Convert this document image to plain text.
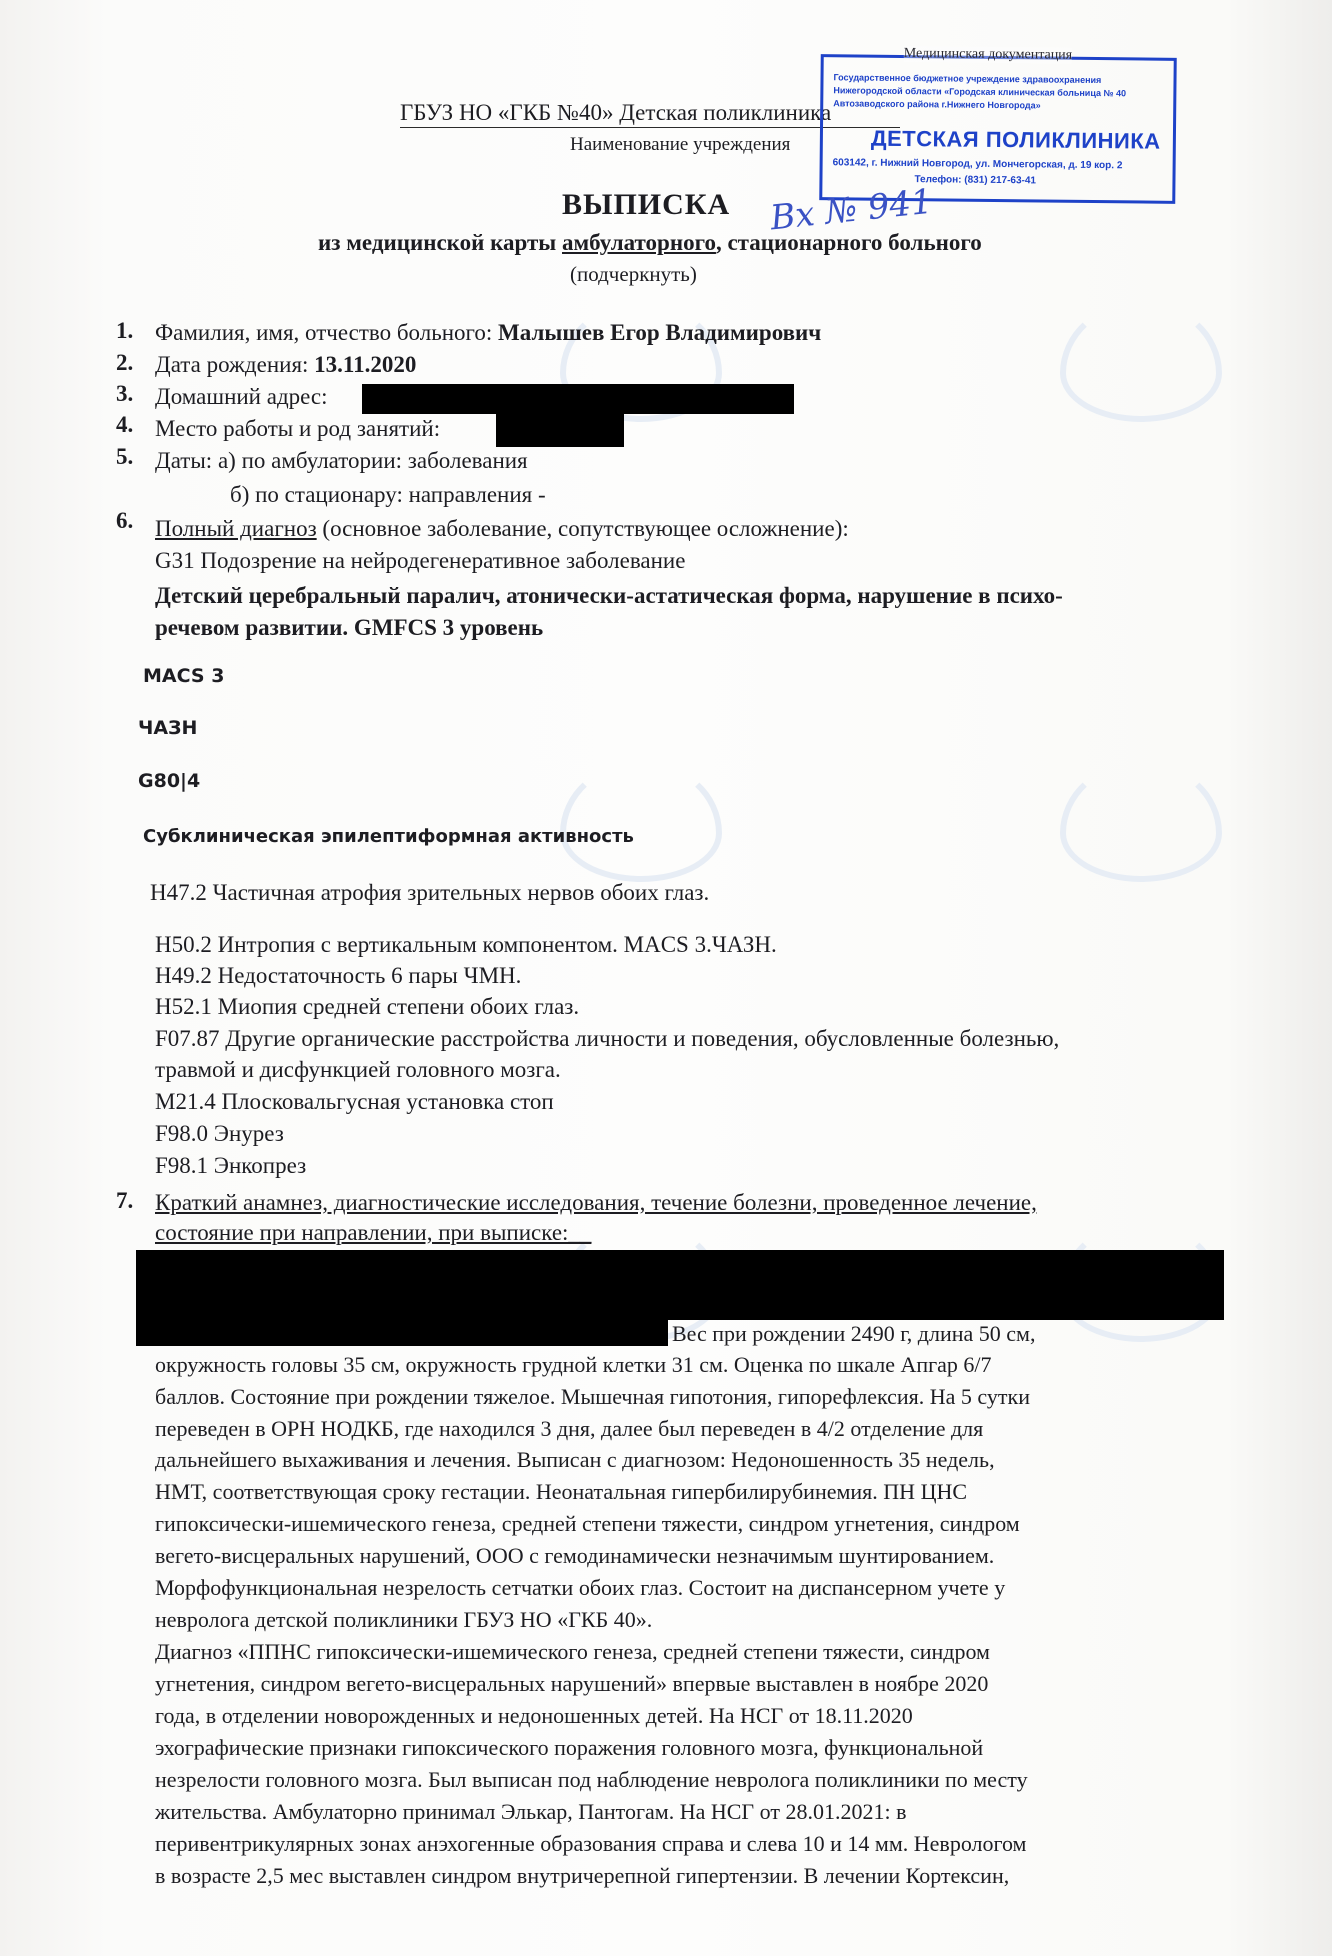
ГБУЗ НО «ГКБ №40» Детская поликлиника
Наименование учреждения
ВЫПИСКА
из медицинской карты амбулаторного, стационарного больного
(подчеркнуть)
Медицинская документация
Государственное бюджетное учреждение здравоохранения Нижегородской области «Городская клиническая больница № 40 Автозаводского района г.Нижнего Новгорода»
ДЕТСКАЯ ПОЛИКЛИНИКА
603142, г. Нижний Новгород, ул. Мончегорская, д. 19 кор. 2
Телефон: (831) 217-63-41
Вх № 941
1. Фамилия, имя, отчество больного: Малышев Егор Владимирович
2. Дата рождения: 13.11.2020
3. Домашний адрес:
4. Место работы и род занятий:
5. Даты: а) по амбулатории: заболевания
б) по стационару: направления -
6. Полный диагноз (основное заболевание, сопутствующее осложнение):
G31 Подозрение на нейродегенеративное заболевание
Детский церебральный паралич, атонически-астатическая форма, нарушение в психо-
речевом развитии. GMFCS 3 уровень
MACS 3
ЧАЗН
G80|4
Субклиническая эпилептиформная активность
H47.2 Частичная атрофия зрительных нервов обоих глаз.
H50.2 Интропия с вертикальным компонентом. MACS 3.ЧАЗН.
H49.2 Недостаточность 6 пары ЧМН.
H52.1 Миопия средней степени обоих глаз.
F07.87 Другие органические расстройства личности и поведения, обусловленные болезнью,
травмой и дисфункцией головного мозга.
M21.4 Плосковальгусная установка стоп
F98.0 Энурез
F98.1 Энкопрез
7. Краткий анамнез, диагностические исследования, течение болезни, проведенное лечение,
состояние при направлении, при выписке:__
Вес при рождении 2490 г, длина 50 см,
окружность головы 35 см, окружность грудной клетки 31 см. Оценка по шкале Апгар 6/7
баллов. Состояние при рождении тяжелое. Мышечная гипотония, гипорефлексия. На 5 сутки
переведен в ОРН НОДКБ, где находился 3 дня, далее был переведен в 4/2 отделение для
дальнейшего выхаживания и лечения. Выписан с диагнозом: Недоношенность 35 недель,
НМТ, соответствующая сроку гестации. Неонатальная гипербилирубинемия. ПН ЦНС
гипоксически-ишемического генеза, средней степени тяжести, синдром угнетения, синдром
вегето-висцеральных нарушений, ООО с гемодинамически незначимым шунтированием.
Морфофункциональная незрелость сетчатки обоих глаз. Состоит на диспансерном учете у
невролога детской поликлиники ГБУЗ НО «ГКБ 40».
Диагноз «ППНС гипоксически-ишемического генеза, средней степени тяжести, синдром
угнетения, синдром вегето-висцеральных нарушений» впервые выставлен в ноябре 2020
года, в отделении новорожденных и недоношенных детей. На НСГ от 18.11.2020
эхографические признаки гипоксического поражения головного мозга, функциональной
незрелости головного мозга. Был выписан под наблюдение невролога поликлиники по месту
жительства. Амбулаторно принимал Элькар, Пантогам. На НСГ от 28.01.2021: в
перивентрикулярных зонах анэхогенные образования справа и слева 10 и 14 мм. Неврологом
в возрасте 2,5 мес выставлен синдром внутричерепной гипертензии. В лечении Кортексин,
